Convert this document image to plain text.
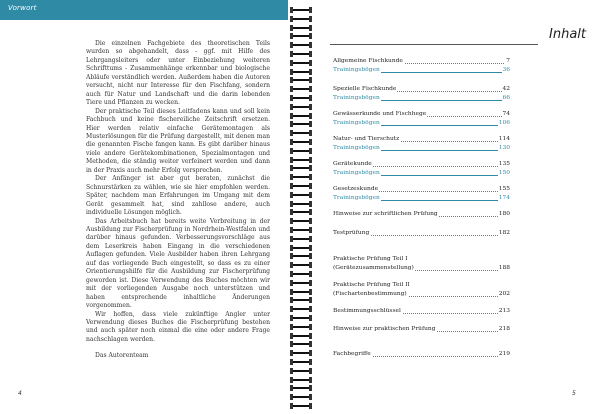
Vorwort

Die einzelnen Fachgebiete des theoretischen Teils wurden so abgehandelt, dass - ggf. mit Hilfe des Lehrgangsleiters oder unter Einbeziehung weiteren Schrifttums - Zusammenhänge erkennbar und biologische Abläufe verständlich werden. Außerdem haben die Autoren versucht, nicht nur Interesse für den Fischfang, sondern auch für Natur und Landschaft und die darin lebenden Tiere und Pflanzen zu wecken.

Der praktische Teil dieses Leitfadens kann und soll kein Fachbuch und keine fischereiliche Zeitschrift ersetzen. Hier werden relativ einfache Gerätemontagen als Musterlösungen für die Prüfung dargestellt, mit denen man die genannten Fische fangen kann. Es gibt darüber hinaus viele andere Gerätekombinationen, Spezialmontagen und Methoden, die ständig weiter verfeinert werden und dann in der Praxis auch mehr Erfolg versprechen.

Der Anfänger ist aber gut beraten, zunächst die Schnurstärken zu wählen, wie sie hier empfohlen werden. Später, nachdem man Erfahrungen im Umgang mit dem Gerät gesammelt hat, sind zahllose andere, auch individuelle Lösungen möglich.

Das Arbeitsbuch hat bereits weite Verbreitung in der Ausbildung zur Fischerprüfung in Nordrhein-Westfalen und darüber hinaus gefunden. Verbesserungsvorschläge aus dem Leserkreis haben Eingang in die verschiedenen Auflagen gefunden. Viele Ausbilder haben ihren Lehrgang auf das vorliegende Buch eingestellt, so dass es zu einer Orientierungshilfe für die Ausbildung zur Fischerprüfung geworden ist. Diese Verwendung des Buches möchten wir mit der vorliegenden Ausgabe noch unterstützen und haben entsprechende inhaltliche Änderungen vorgenommen.

Wir hoffen, dass viele zukünftige Angler unter Verwendung dieses Buches die Fischerprüfung bestehen und auch später noch einmal die eine oder andere Frage nachschlagen werden.

Das Autorenteam

4
Inhalt
Allgemeine Fischkunde	7
Trainingsbögen	36
Spezielle Fischkunde	42
Trainingsbögen	66
Gewässerkunde und Fischhege	74
Trainingsbögen	106
Natur- und Tierschutz	114
Trainingsbögen	130
Gerätekunde	135
Trainingsbögen	150
Gesetzeskunde	155
Trainingsbögen	174
Hinweise zur schriftlichen Prüfung	180
Testprüfung	182
Praktische Prüfung Teil I
(Gerätezusammenstellung)	188
Praktische Prüfung Teil II
(Fischartenbestimmung)	202
Bestimmungsschlüssel	213
Hinweise zur praktischen Prüfung	218
Fachbegriffe	219
5
